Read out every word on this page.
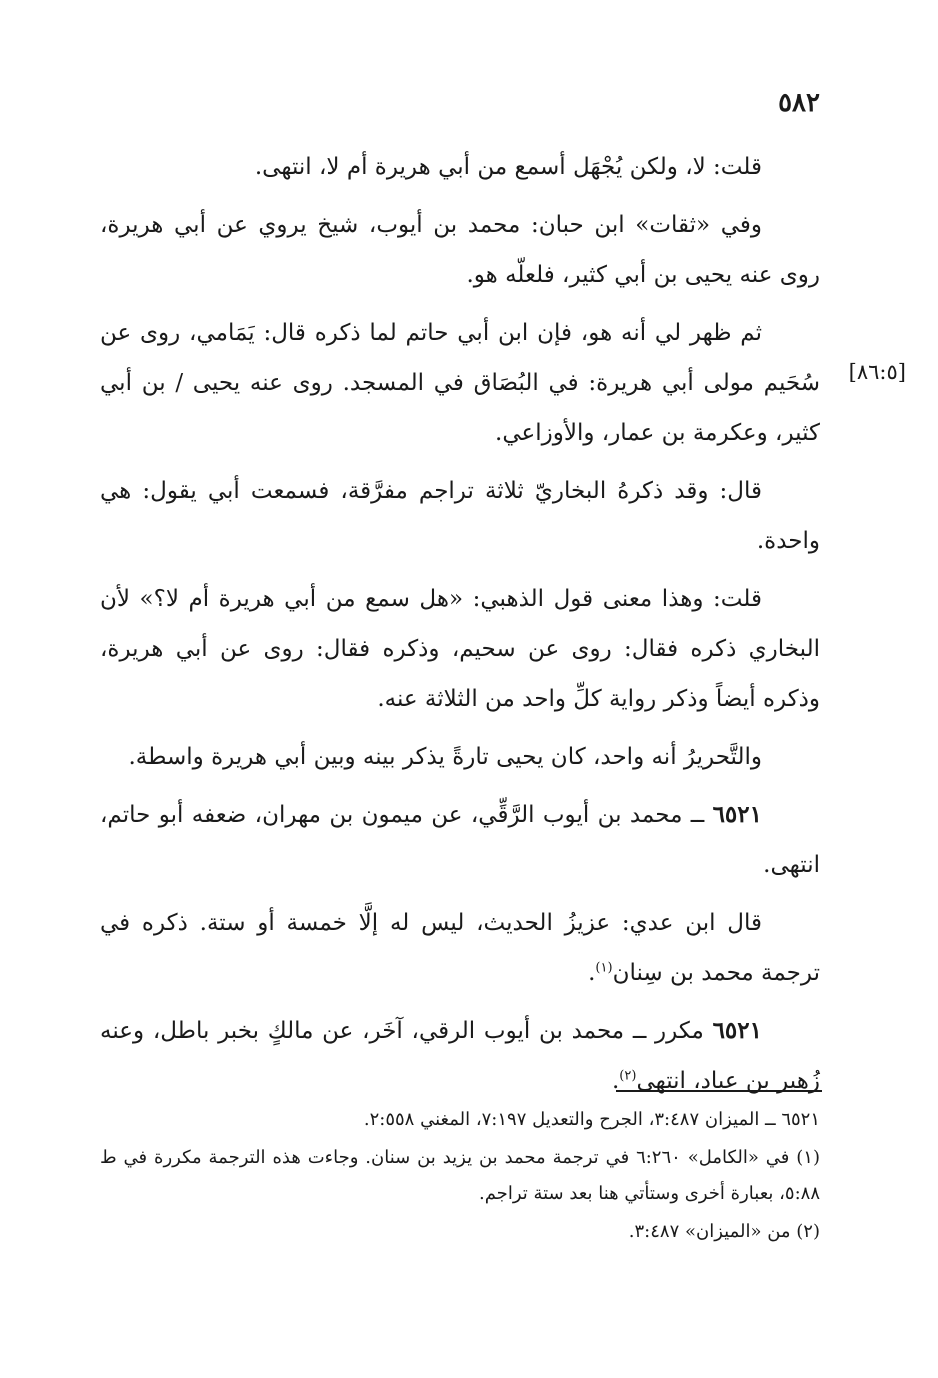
٥٨٢
[٨٦:٥]

قلت: لا، ولكن يُجْهَل أسمع من أبي هريرة أم لا، انتهى.

وفي «ثقات» ابن حبان: محمد بن أيوب، شيخ يروي عن أبي هريرة، روى عنه يحيى بن أبي كثير، فلعلّه هو.

ثم ظهر لي أنه هو، فإن ابن أبي حاتم لما ذكره قال: يَمَامي، روى عن سُحَيم مولى أبي هريرة: في البُصَاق في المسجد. روى عنه يحيى / بن أبي كثير، وعكرمة بن عمار، والأوزاعي.

قال: وقد ذكرهُ البخاريّ ثلاثة تراجم مفرَّقة، فسمعت أبي يقول: هي واحدة.

قلت: وهذا معنى قول الذهبي: «هل سمع من أبي هريرة أم لا؟» لأن البخاري ذكره فقال: روى عن سحيم، وذكره فقال: روى عن أبي هريرة، وذكره أيضاً وذكر رواية كلِّ واحد من الثلاثة عنه.

والتَّحريرُ أنه واحد، كان يحيى تارةً يذكر بينه وبين أبي هريرة واسطة.

٦٥٢١ ــ محمد بن أيوب الرَّقِّي، عن ميمون بن مهران، ضعفه أبو حاتم، انتهى.

قال ابن عدي: عزيزُ الحديث، ليس له إلَّا خمسة أو ستة. ذكره في ترجمة محمد بن سِنان$^{(١)}$.

٦٥٢١ مكرر ــ محمد بن أيوب الرقي، آخَر، عن مالكٍ بخبر باطل، وعنه زُهير بن عباد، انتهى$^{(٢)}$.

٦٥٢١ ــ الميزان ٣:٤٨٧، الجرح والتعديل ٧:١٩٧، المغني ٢:٥٥٨.

(١) في «الكامل» ٦:٢٦٠ في ترجمة محمد بن يزيد بن سنان. وجاءت هذه الترجمة مكررة في ط ٥:٨٨، بعبارة أخرى وستأتي هنا بعد ستة تراجم.

(٢) من «الميزان» ٣:٤٨٧.
